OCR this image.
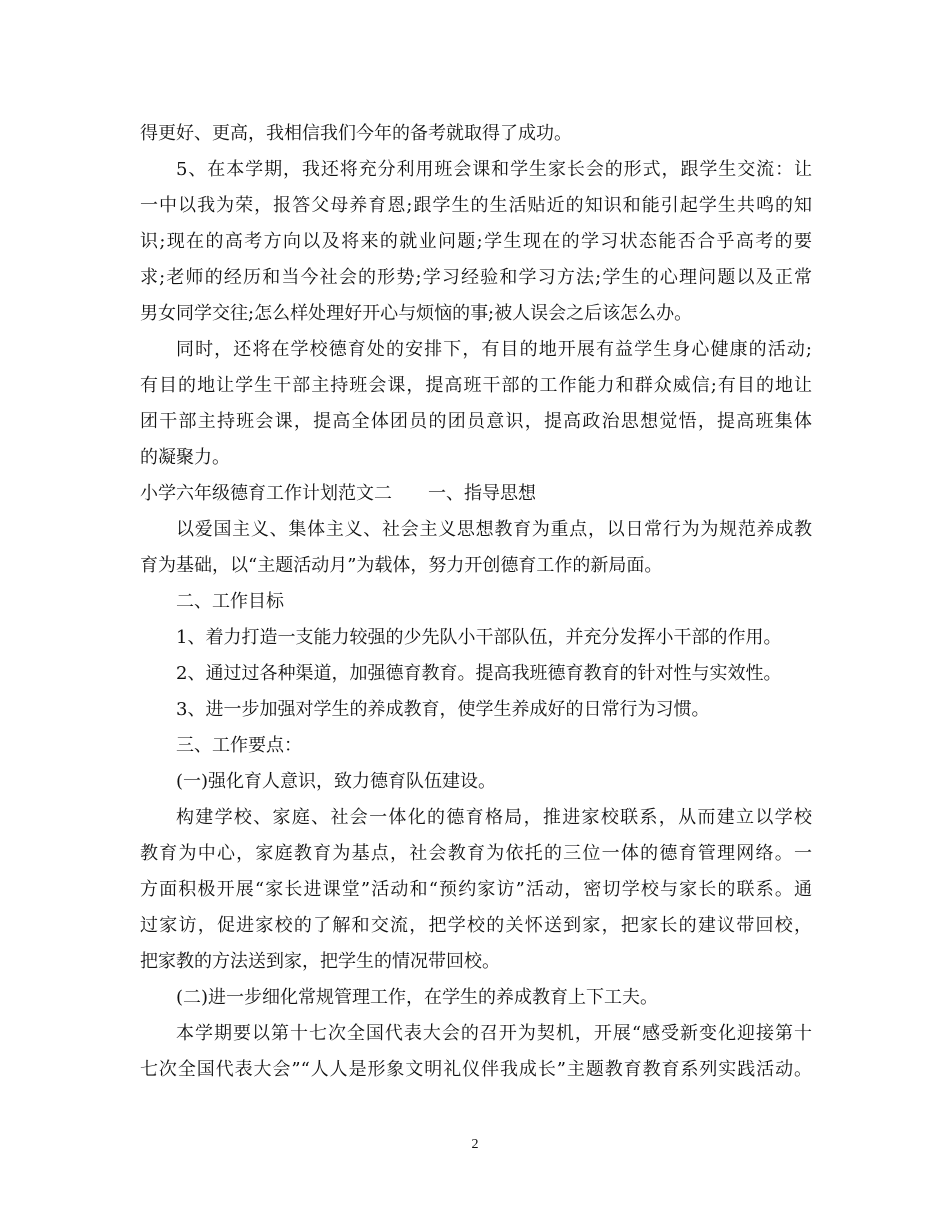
得更好、更高，我相信我们今年的备考就取得了成功。
5、在本学期，我还将充分利用班会课和学生家长会的形式，跟学生交流：让
一中以我为荣，报答父母养育恩;跟学生的生活贴近的知识和能引起学生共鸣的知
识;现在的高考方向以及将来的就业问题;学生现在的学习状态能否合乎高考的要
求;老师的经历和当今社会的形势;学习经验和学习方法;学生的心理问题以及正常
男女同学交往;怎么样处理好开心与烦恼的事;被人误会之后该怎么办。
同时，还将在学校德育处的安排下，有目的地开展有益学生身心健康的活动;
有目的地让学生干部主持班会课，提高班干部的工作能力和群众威信;有目的地让
团干部主持班会课，提高全体团员的团员意识，提高政治思想觉悟，提高班集体
的凝聚力。
小学六年级德育工作计划范文二　　一、指导思想
以爱国主义、集体主义、社会主义思想教育为重点，以日常行为为规范养成教
育为基础，以“主题活动月”为载体，努力开创德育工作的新局面。
二、工作目标
1、着力打造一支能力较强的少先队小干部队伍，并充分发挥小干部的作用。
2、通过过各种渠道，加强德育教育。提高我班德育教育的针对性与实效性。
3、进一步加强对学生的养成教育，使学生养成好的日常行为习惯。
三、工作要点：
(一)强化育人意识，致力德育队伍建设。
构建学校、家庭、社会一体化的德育格局，推进家校联系，从而建立以学校
教育为中心，家庭教育为基点，社会教育为依托的三位一体的德育管理网络。一
方面积极开展“家长进课堂”活动和“预约家访”活动，密切学校与家长的联系。通
过家访，促进家校的了解和交流，把学校的关怀送到家，把家长的建议带回校，
把家教的方法送到家，把学生的情况带回校。
(二)进一步细化常规管理工作，在学生的养成教育上下工夫。
本学期要以第十七次全国代表大会的召开为契机，开展“感受新变化迎接第十
七次全国代表大会”“人人是形象文明礼仪伴我成长”主题教育教育系列实践活动。
2
